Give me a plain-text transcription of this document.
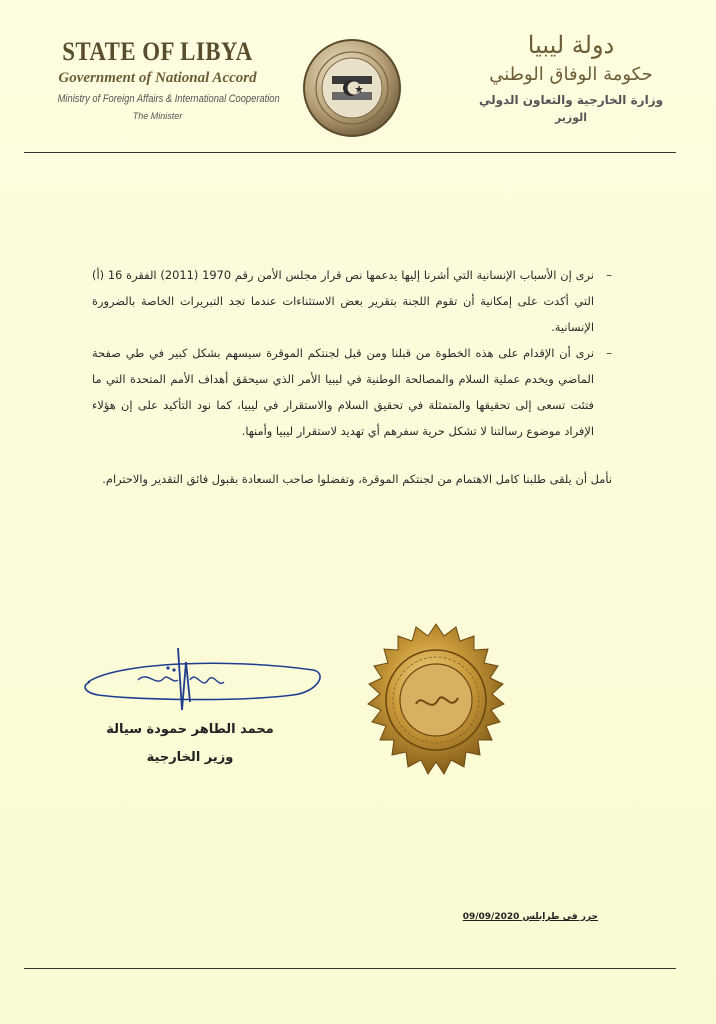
STATE OF LIBYA
Government of National Accord
Ministry of Foreign Affairs & International Cooperation
The Minister
دولة ليبيا
حكومة الوفاق الوطني
وزارة الخارجية والتعاون الدولي
الوزير

– نرى إن الأسباب الإنسانية التي أشرنا إليها يدعمها نص قرار مجلس الأمن رقم 1970 (2011) الفقرة 16 (أ) التي أكدت على إمكانية أن تقوم اللجنة بتقرير بعض الاستثناءات عندما تجد التبريرات الخاصة بالضرورة الإنسانية.

– نرى أن الإقدام على هذه الخطوة من قبلنا ومن قبل لجنتكم الموقرة سيسهم بشكل كبير في طي صفحة الماضي ويخدم عملية السلام والمصالحة الوطنية في ليبيا الأمر الذي سيحقق أهداف الأمم المتحدة التي ما فتئت تسعى إلى تحقيقها والمتمثلة في تحقيق السلام والاستقرار في ليبيا، كما نود التأكيد على إن هؤلاء الإفراد موضوع رسالتنا لا تشكل حرية سفرهم أي تهديد لاستقرار ليبيا وأمنها.

نأمل أن يلقى طلبنا كامل الاهتمام من لجنتكم الموقرة، وتفضلوا صاحب السعادة بقبول فائق التقدير والاحترام.

محمد الطاهر حمودة سيالة
وزير الخارجية
حرر في طرابلس 09/09/2020
